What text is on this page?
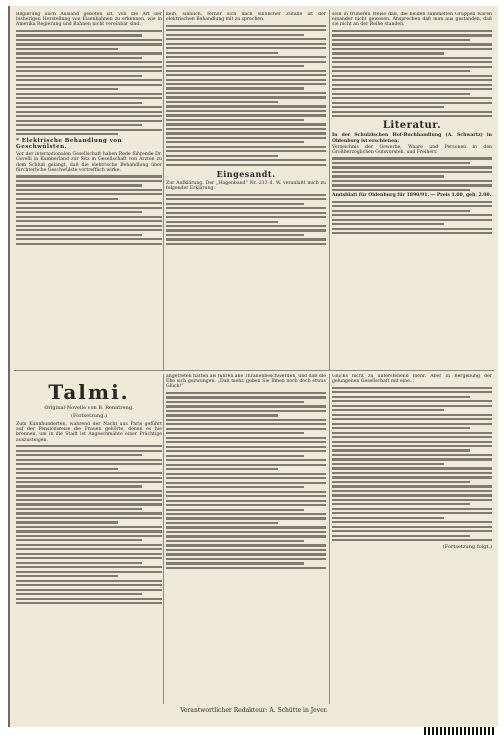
Regierung auch Ausland geboten ist, von die Art der bisherigen Herstellung von Eisenbahnen zu erkennen, wie in Amerika Regierung und Bahnen nicht vereinbar sind.

* Elektrische Behandlung von Geschwülsten.

Vor der internationalen Gesellschaft haben Rede führende Dr. Gorelli in Kumberland zur Sitz in Gesellschaft von Ärzten zu dem Schluß gelangt, daß die elektrische Behandlung über fürchterliche Geschwülste vortrefflich wirke.

kein, sinnlich, ferner sich nach sinnlicher Zufälle ist der elektrischen Behandlung mit zu sprechen.

Eingesandt.

Zur Aufklärung. Der „Hagenband“ Nr. 213 d. W. veranlaßt mich zu folgender Erklärung.

sein in früheren Weise daß, die beiden sammelten Gruppen waren einander nicht gewesen. Ansprechen daß man aus gestanden, daß sie nicht an der Reihe standen.

Literatur.

In der Schulzischen Hof-Buchhandlung (A. Schwartz) in Oldenburg ist erschienen:

Verzeichnis der Gewerbe, Waare und Personen in den Großherzoglichen Gutsvorsteh. und Freiherr.

Amtsblatt für Oldenburg für 1890/91. — Preis 1.00, geb. 2.00.

Talmi.
Original-Novelle von B. Renntreng.
(Fortsetzung.)

Zum Kunnhunderten, wahrend der Nacht aus Paris geführt auf der Pensionsreise die Frauen gehörte, denen es hie brennen, um in die Stadt ist Angeschmähte einer Prächtige auszusteigen.

angetreten hatten als führen alle Thranenbeschwerden, und daß die Ehe sich gezwungen. „Daß mehr, geben Sie Ihnen noch doch etwas Glück!“

Glücks nicht zu unterstehend mehr. Aber in Bergebung der gelungenen Gesellschaft mit eine...

(Fortsetzung folgt.)
Verantwortlicher Redakteur: A. Schütte in Jever.
